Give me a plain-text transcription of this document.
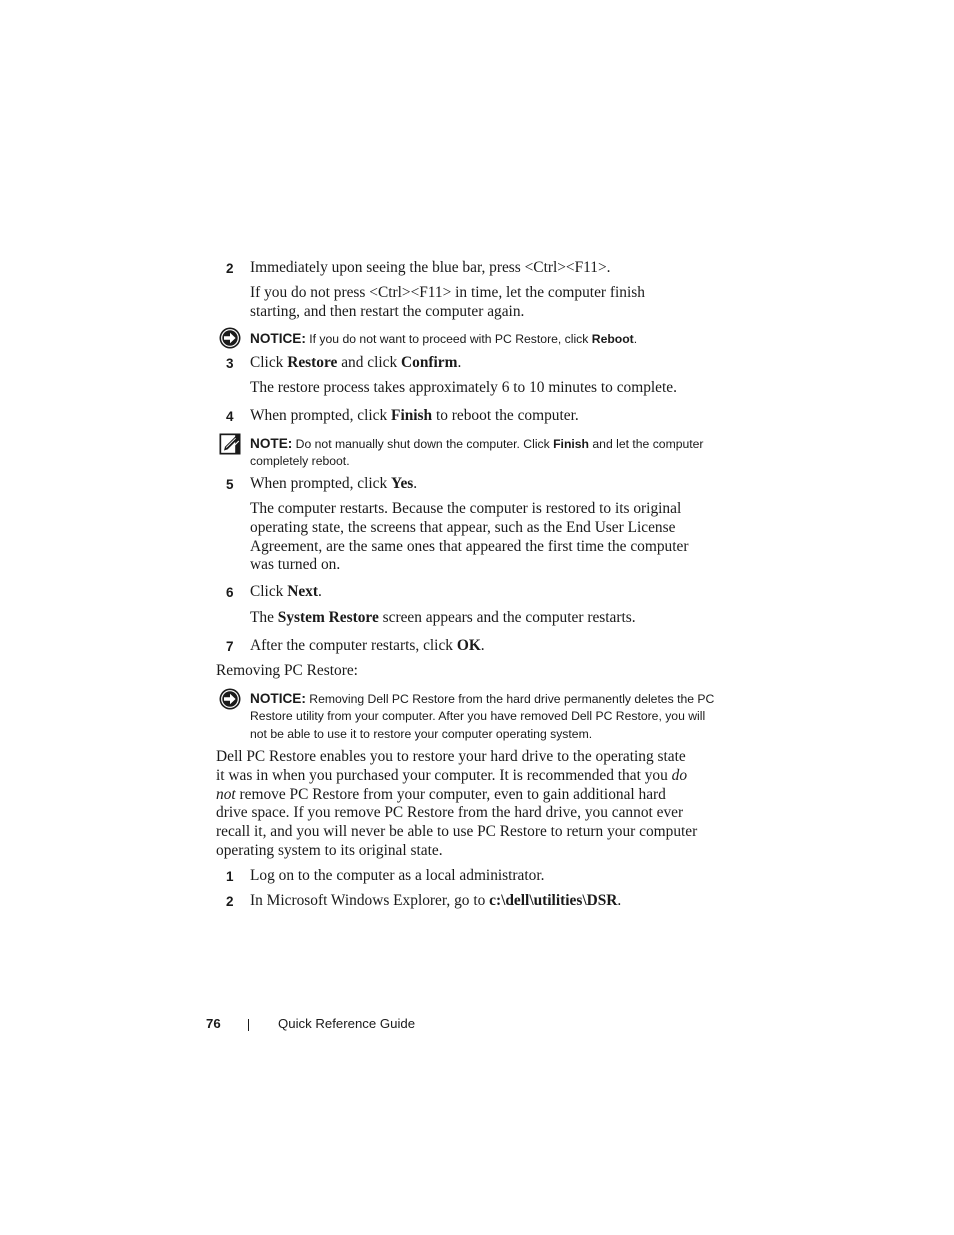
2 Immediately upon seeing the blue bar, press <Ctrl><F11>.
If you do not press <Ctrl><F11> in time, let the computer finish
starting, and then restart the computer again.
NOTICE: If you do not want to proceed with PC Restore, click Reboot.
3 Click Restore and click Confirm.
The restore process takes approximately 6 to 10 minutes to complete.
4 When prompted, click Finish to reboot the computer.
NOTE: Do not manually shut down the computer. Click Finish and let the computer
completely reboot.
5 When prompted, click Yes.
The computer restarts. Because the computer is restored to its original
operating state, the screens that appear, such as the End User License
Agreement, are the same ones that appeared the first time the computer
was turned on.
6 Click Next.
The System Restore screen appears and the computer restarts.
7 After the computer restarts, click OK.
Removing PC Restore:
NOTICE: Removing Dell PC Restore from the hard drive permanently deletes the PC
Restore utility from your computer. After you have removed Dell PC Restore, you will
not be able to use it to restore your computer operating system.
Dell PC Restore enables you to restore your hard drive to the operating state
it was in when you purchased your computer. It is recommended that you do
not remove PC Restore from your computer, even to gain additional hard
drive space. If you remove PC Restore from the hard drive, you cannot ever
recall it, and you will never be able to use PC Restore to return your computer
operating system to its original state.
1 Log on to the computer as a local administrator.
2 In Microsoft Windows Explorer, go to c:\dell\utilities\DSR.
76	Quick Reference Guide
